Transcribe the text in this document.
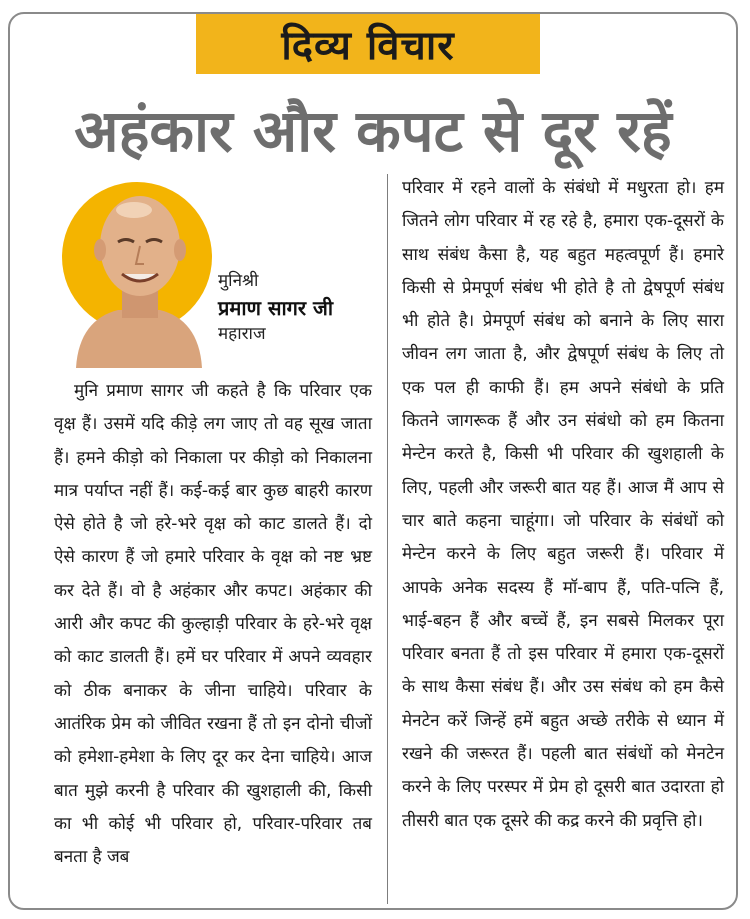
दिव्य विचार
अहंकार और कपट से दूर रहें
मुनिश्री
प्रमाण सागर जी
महाराज

मुनि प्रमाण सागर जी कहते है कि परिवार एक वृक्ष हैं। उसमें यदि कीड़े लग जाए तो वह सूख जाता हैं। हमने कीड़ो को निकाला पर कीड़ो को निकालना मात्र पर्याप्त नहीं हैं। कई-कई बार कुछ बाहरी कारण ऐसे होते है जो हरे-भरे वृक्ष को काट डालते हैं। दो ऐसे कारण हैं जो हमारे परिवार के वृक्ष को नष्ट भ्रष्ट कर देते हैं। वो है अहंकार और कपट। अहंकार की आरी और कपट की कुल्हाड़ी परिवार के हरे-भरे वृक्ष को काट डालती हैं। हमें घर परिवार में अपने व्यवहार को ठीक बनाकर के जीना चाहिये। परिवार के आतंरिक प्रेम को जीवित रखना हैं तो इन दोनो चीजों को हमेशा-हमेशा के लिए दूर कर देना चाहिये। आज बात मुझे करनी है परिवार की खुशहाली की, किसी का भी कोई भी परिवार हो, परिवार-परिवार तब बनता है जब

परिवार में रहने वालों के संबंधो में मधुरता हो। हम जितने लोग परिवार में रह रहे है, हमारा एक-दूसरों के साथ संबंध कैसा है, यह बहुत महत्वपूर्ण हैं। हमारे किसी से प्रेमपूर्ण संबंध भी होते है तो द्वेषपूर्ण संबंध भी होते है। प्रेमपूर्ण संबंध को बनाने के लिए सारा जीवन लग जाता है, और द्वेषपूर्ण संबंध के लिए तो एक पल ही काफी हैं। हम अपने संबंधो के प्रति कितने जागरूक हैं और उन संबंधो को हम कितना मेन्टेन करते है, किसी भी परिवार की खुशहाली के लिए, पहली और जरूरी बात यह हैं। आज मैं आप से चार बाते कहना चाहूंगा। जो परिवार के संबंधों को मेन्टेन करने के लिए बहुत जरूरी हैं। परिवार में आपके अनेक सदस्य हैं मॉ-बाप हैं, पति-पत्नि हैं, भाई-बहन हैं और बच्चें हैं, इन सबसे मिलकर पूरा परिवार बनता हैं तो इस परिवार में हमारा एक-दूसरों के साथ कैसा संबंध हैं। और उस संबंध को हम कैसे मेनटेन करें जिन्हें हमें बहुत अच्छे तरीके से ध्यान में रखने की जरूरत हैं। पहली बात संबंधों को मेनटेन करने के लिए परस्पर में प्रेम हो दूसरी बात उदारता हो तीसरी बात एक दूसरे की कद्र करने की प्रवृत्ति हो।
